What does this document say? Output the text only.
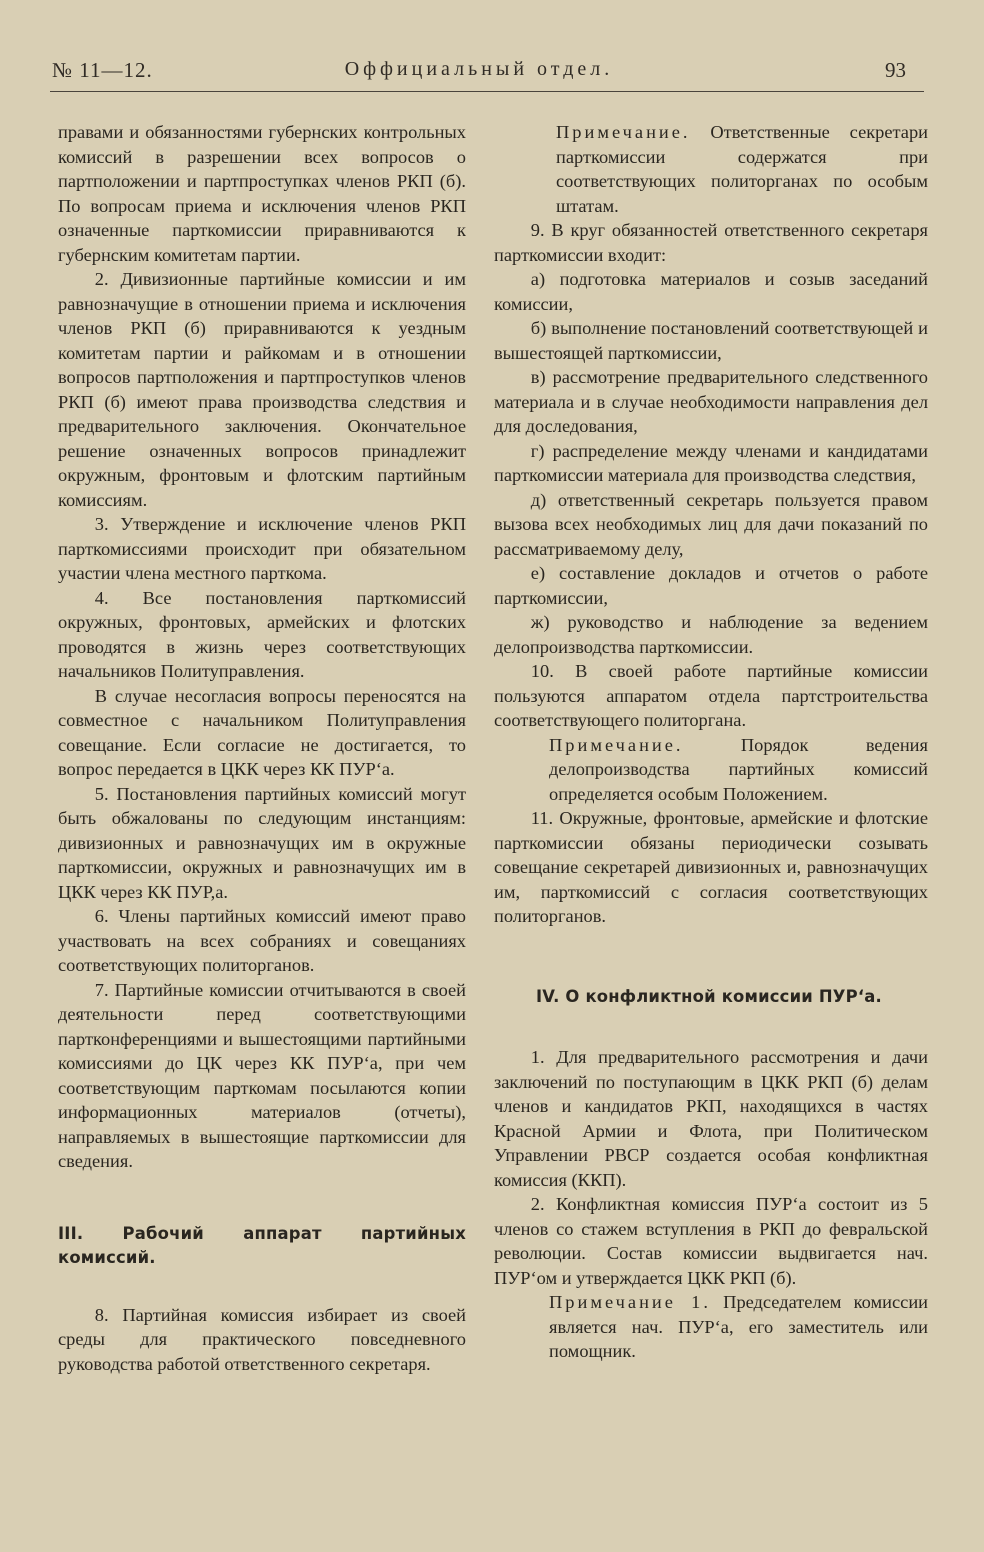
№ 11—12.	Оффициальный отдел.	93

правами и обязанностями губернских контрольных комиссий в разрешении всех вопросов о партположении и партпроступках членов РКП (б). По вопросам приема и исключения членов РКП означенные парткомиссии приравниваются к губернским комитетам партии.

2. Дивизионные партийные комиссии и им равнозначущие в отношении приема и исключения членов РКП (б) приравниваются к уездным комитетам партии и райкомам и в отношении вопросов партположения и партпроступков членов РКП (б) имеют права производства следствия и предварительного заключения. Окончательное решение означенных вопросов принадлежит окружным, фронтовым и флотским партийным комиссиям.

3. Утверждение и исключение членов РКП парткомиссиями происходит при обязательном участии члена местного парткома.

4. Все постановления парткомиссий окружных, фронтовых, армейских и флотских проводятся в жизнь через соответствующих начальников Политуправления.

В случае несогласия вопросы переносятся на совместное с начальником Политуправления совещание. Если согласие не достигается, то вопрос передается в ЦКК через КК ПУР‘а.

5. Постановления партийных комиссий могут быть обжалованы по следующим инстанциям: дивизионных и равнозначущих им в окружные парткомиссии, окружных и равнозначущих им в ЦКК через КК ПУР,а.

6. Члены партийных комиссий имеют право участвовать на всех собраниях и совещаниях соответствующих политорганов.

7. Партийные комиссии отчитываются в своей деятельности перед соответствующими партконференциями и вышестоящими партийными комиссиями до ЦК через КК ПУР‘а, при чем соответствующим парткомам посылаются копии информационных материалов (отчеты), направляемых в вышестоящие парткомиссии для сведения.

III. Рабочий аппарат партийных комиссий.

8. Партийная комиссия избирает из своей среды для практического повседневного руководства работой ответственного секретаря.

Примечание. Ответственные секретари парткомиссии содержатся при соответствующих политорганах по особым штатам.

9. В круг обязанностей ответственного секретаря парткомиссии входит:

а) подготовка материалов и созыв заседаний комиссии,

б) выполнение постановлений соответствующей и вышестоящей парткомиссии,

в) рассмотрение предварительного следственного материала и в случае необходимости направления дел для доследования,

г) распределение между членами и кандидатами парткомиссии материала для производства следствия,

д) ответственный секретарь пользуется правом вызова всех необходимых лиц для дачи показаний по рассматриваемому делу,

е) составление докладов и отчетов о работе парткомиссии,

ж) руководство и наблюдение за ведением делопроизводства парткомиссии.

10. В своей работе партийные комиссии пользуются аппаратом отдела партстроительства соответствующего политоргана.

Примечание. Порядок ведения делопроизводства партийных комиссий определяется особым Положением.

11. Окружные, фронтовые, армейские и флотские парткомиссии обязаны периодически созывать совещание секретарей дивизионных и, равнозначущих им, парткомиссий с согласия соответствующих политорганов.

IV. О конфликтной комиссии ПУР‘а.

1. Для предварительного рассмотрения и дачи заключений по поступающим в ЦКК РКП (б) делам членов и кандидатов РКП, находящихся в частях Красной Армии и Флота, при Политическом Управлении РВСР создается особая конфликтная комиссия (ККП).

2. Конфликтная комиссия ПУР‘а состоит из 5 членов со стажем вступления в РКП до февральской революции. Состав комиссии выдвигается нач. ПУР‘ом и утверждается ЦКК РКП (б).

Примечание 1. Председателем комиссии является нач. ПУР‘а, его заместитель или помощник.
